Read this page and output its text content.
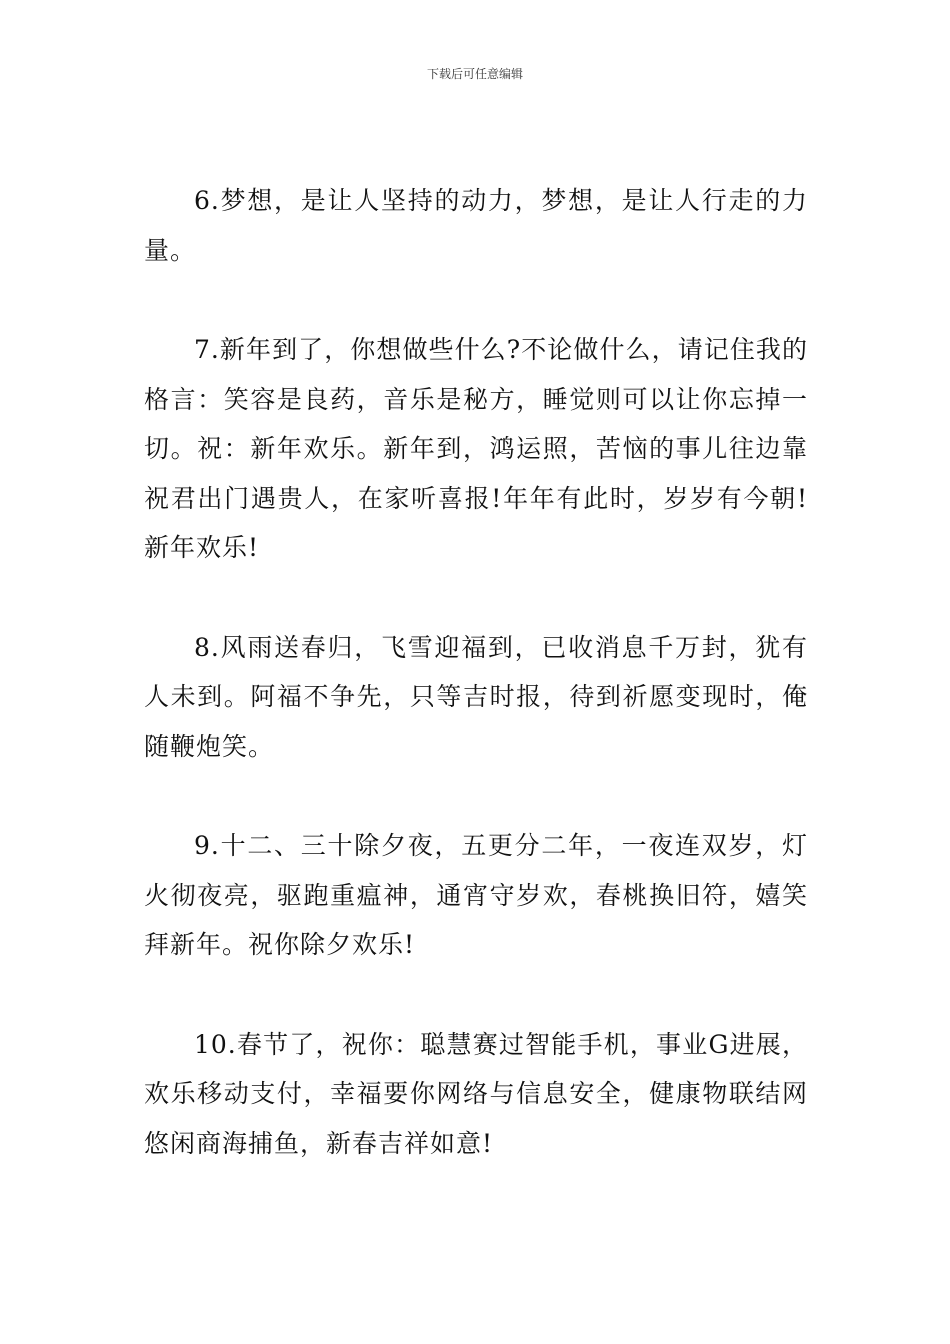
下载后可任意编辑

6.梦想，是让人坚持的动力，梦想，是让人行走的力量。

7.新年到了，你想做些什么?不论做什么，请记住我的格言：笑容是良药，音乐是秘方，睡觉则可以让你忘掉一切。祝：新年欢乐。新年到，鸿运照，苦恼的事儿往边靠祝君出门遇贵人，在家听喜报!年年有此时，岁岁有今朝!新年欢乐!

8.风雨送春归，飞雪迎福到，已收消息千万封，犹有人未到。阿福不争先，只等吉时报，待到祈愿变现时，俺随鞭炮笑。

9.十二、三十除夕夜，五更分二年，一夜连双岁，灯火彻夜亮，驱跑重瘟神，通宵守岁欢，春桃换旧符，嬉笑拜新年。祝你除夕欢乐!

10.春节了，祝你：聪慧赛过智能手机，事业G进展，欢乐移动支付，幸福要你网络与信息安全，健康物联结网悠闲商海捕鱼，新春吉祥如意!
